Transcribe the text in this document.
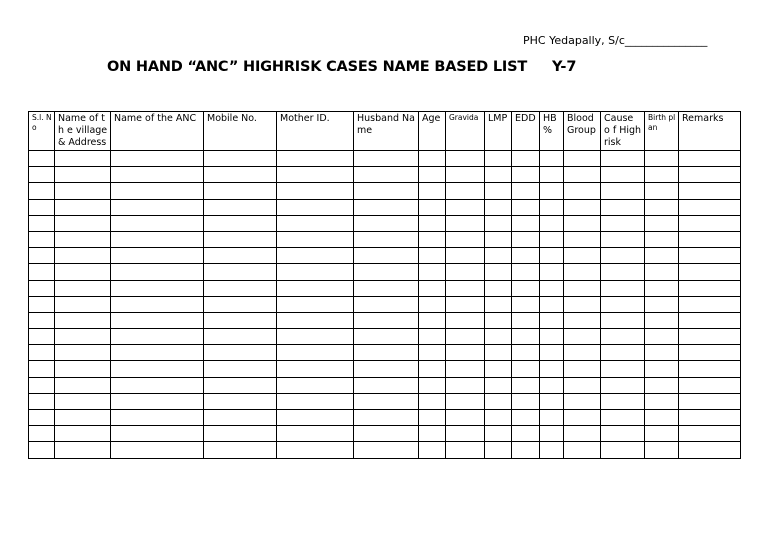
PHC Yedapally, S/c_______________
ON HAND “ANC” HIGHRISK CASES NAME BASED LIST Y-7
S.l. No	Name of th e village& Address	Name of the ANC	Mobile No.	Mother ID.	Husband Name	Age	Gravida	LMP	EDD	HB %	Blood Group	Cause o f High risk	Birth plan	Remarks
